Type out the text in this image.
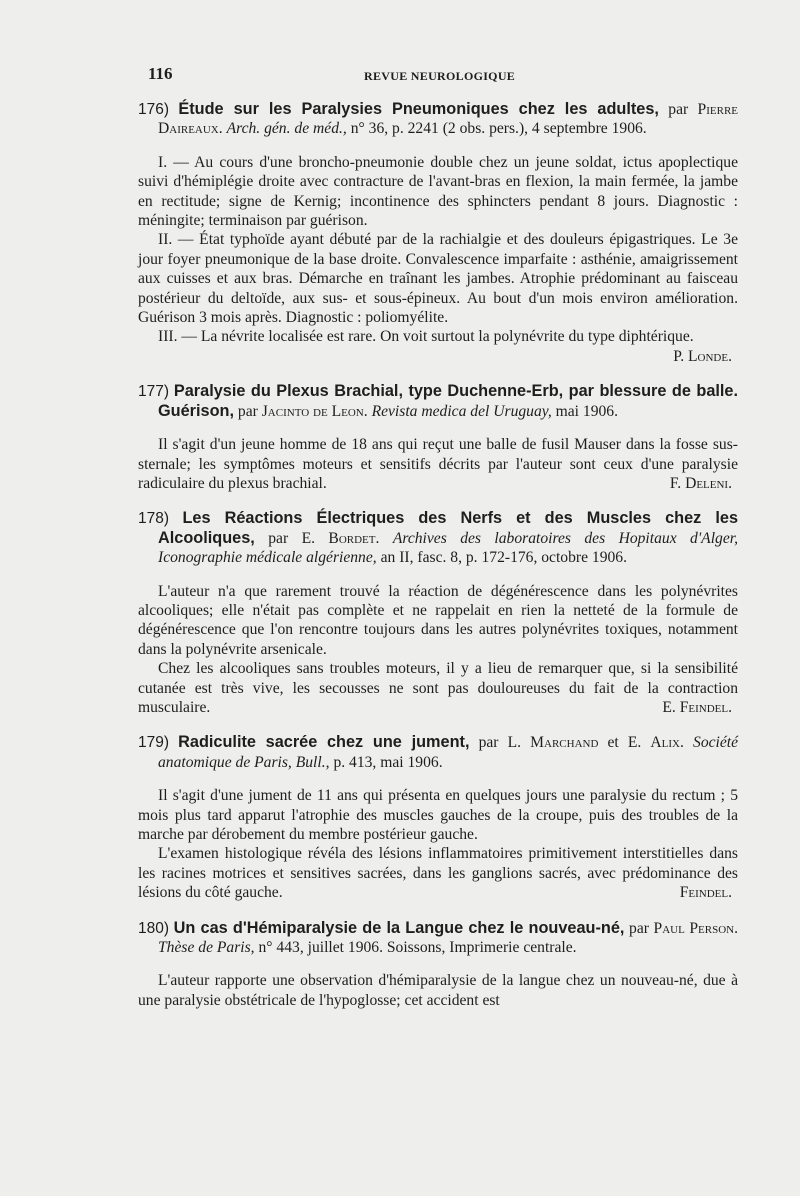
116	REVUE NEUROLOGIQUE
176) Étude sur les Paralysies Pneumoniques chez les adultes, par Pierre Daireaux. Arch. gén. de méd., n° 36, p. 2241 (2 obs. pers.), 4 septembre 1906.

I. — Au cours d'une broncho-pneumonie double chez un jeune soldat, ictus apoplectique suivi d'hémiplégie droite avec contracture de l'avant-bras en flexion, la main fermée, la jambe en rectitude; signe de Kernig; incontinence des sphincters pendant 8 jours. Diagnostic : méningite; terminaison par guérison.

II. — État typhoïde ayant débuté par de la rachialgie et des douleurs épigastriques. Le 3e jour foyer pneumonique de la base droite. Convalescence imparfaite : asthénie, amaigrissement aux cuisses et aux bras. Démarche en traînant les jambes. Atrophie prédominant au faisceau postérieur du deltoïde, aux sus- et sous-épineux. Au bout d'un mois environ amélioration. Guérison 3 mois après. Diagnostic : poliomyélite.

III. — La névrite localisée est rare. On voit surtout la polynévrite du type diphtérique.
P. Londe.

177) Paralysie du Plexus Brachial, type Duchenne-Erb, par blessure de balle. Guérison, par Jacinto de Leon. Revista medica del Uruguay, mai 1906.

Il s'agit d'un jeune homme de 18 ans qui reçut une balle de fusil Mauser dans la fosse sus-sternale; les symptômes moteurs et sensitifs décrits par l'auteur sont ceux d'une paralysie radiculaire du plexus brachial.	F. Deleni.

178) Les Réactions Électriques des Nerfs et des Muscles chez les Alcooliques, par E. Bordet. Archives des laboratoires des Hopitaux d'Alger, Iconographie médicale algérienne, an II, fasc. 8, p. 172-176, octobre 1906.

L'auteur n'a que rarement trouvé la réaction de dégénérescence dans les polynévrites alcooliques; elle n'était pas complète et ne rappelait en rien la netteté de la formule de dégénérescence que l'on rencontre toujours dans les autres polynévrites toxiques, notamment dans la polynévrite arsenicale.

Chez les alcooliques sans troubles moteurs, il y a lieu de remarquer que, si la sensibilité cutanée est très vive, les secousses ne sont pas douloureuses du fait de la contraction musculaire.	E. Feindel.

179) Radiculite sacrée chez une jument, par L. Marchand et E. Alix. Société anatomique de Paris, Bull., p. 413, mai 1906.

Il s'agit d'une jument de 11 ans qui présenta en quelques jours une paralysie du rectum ; 5 mois plus tard apparut l'atrophie des muscles gauches de la croupe, puis des troubles de la marche par dérobement du membre postérieur gauche.

L'examen histologique révéla des lésions inflammatoires primitivement interstitielles dans les racines motrices et sensitives sacrées, dans les ganglions sacrés, avec prédominance des lésions du côté gauche.	Feindel.

180) Un cas d'Hémiparalysie de la Langue chez le nouveau-né, par Paul Person. Thèse de Paris, n° 443, juillet 1906. Soissons, Imprimerie centrale.

L'auteur rapporte une observation d'hémiparalysie de la langue chez un nouveau-né, due à une paralysie obstétricale de l'hypoglosse; cet accident est
